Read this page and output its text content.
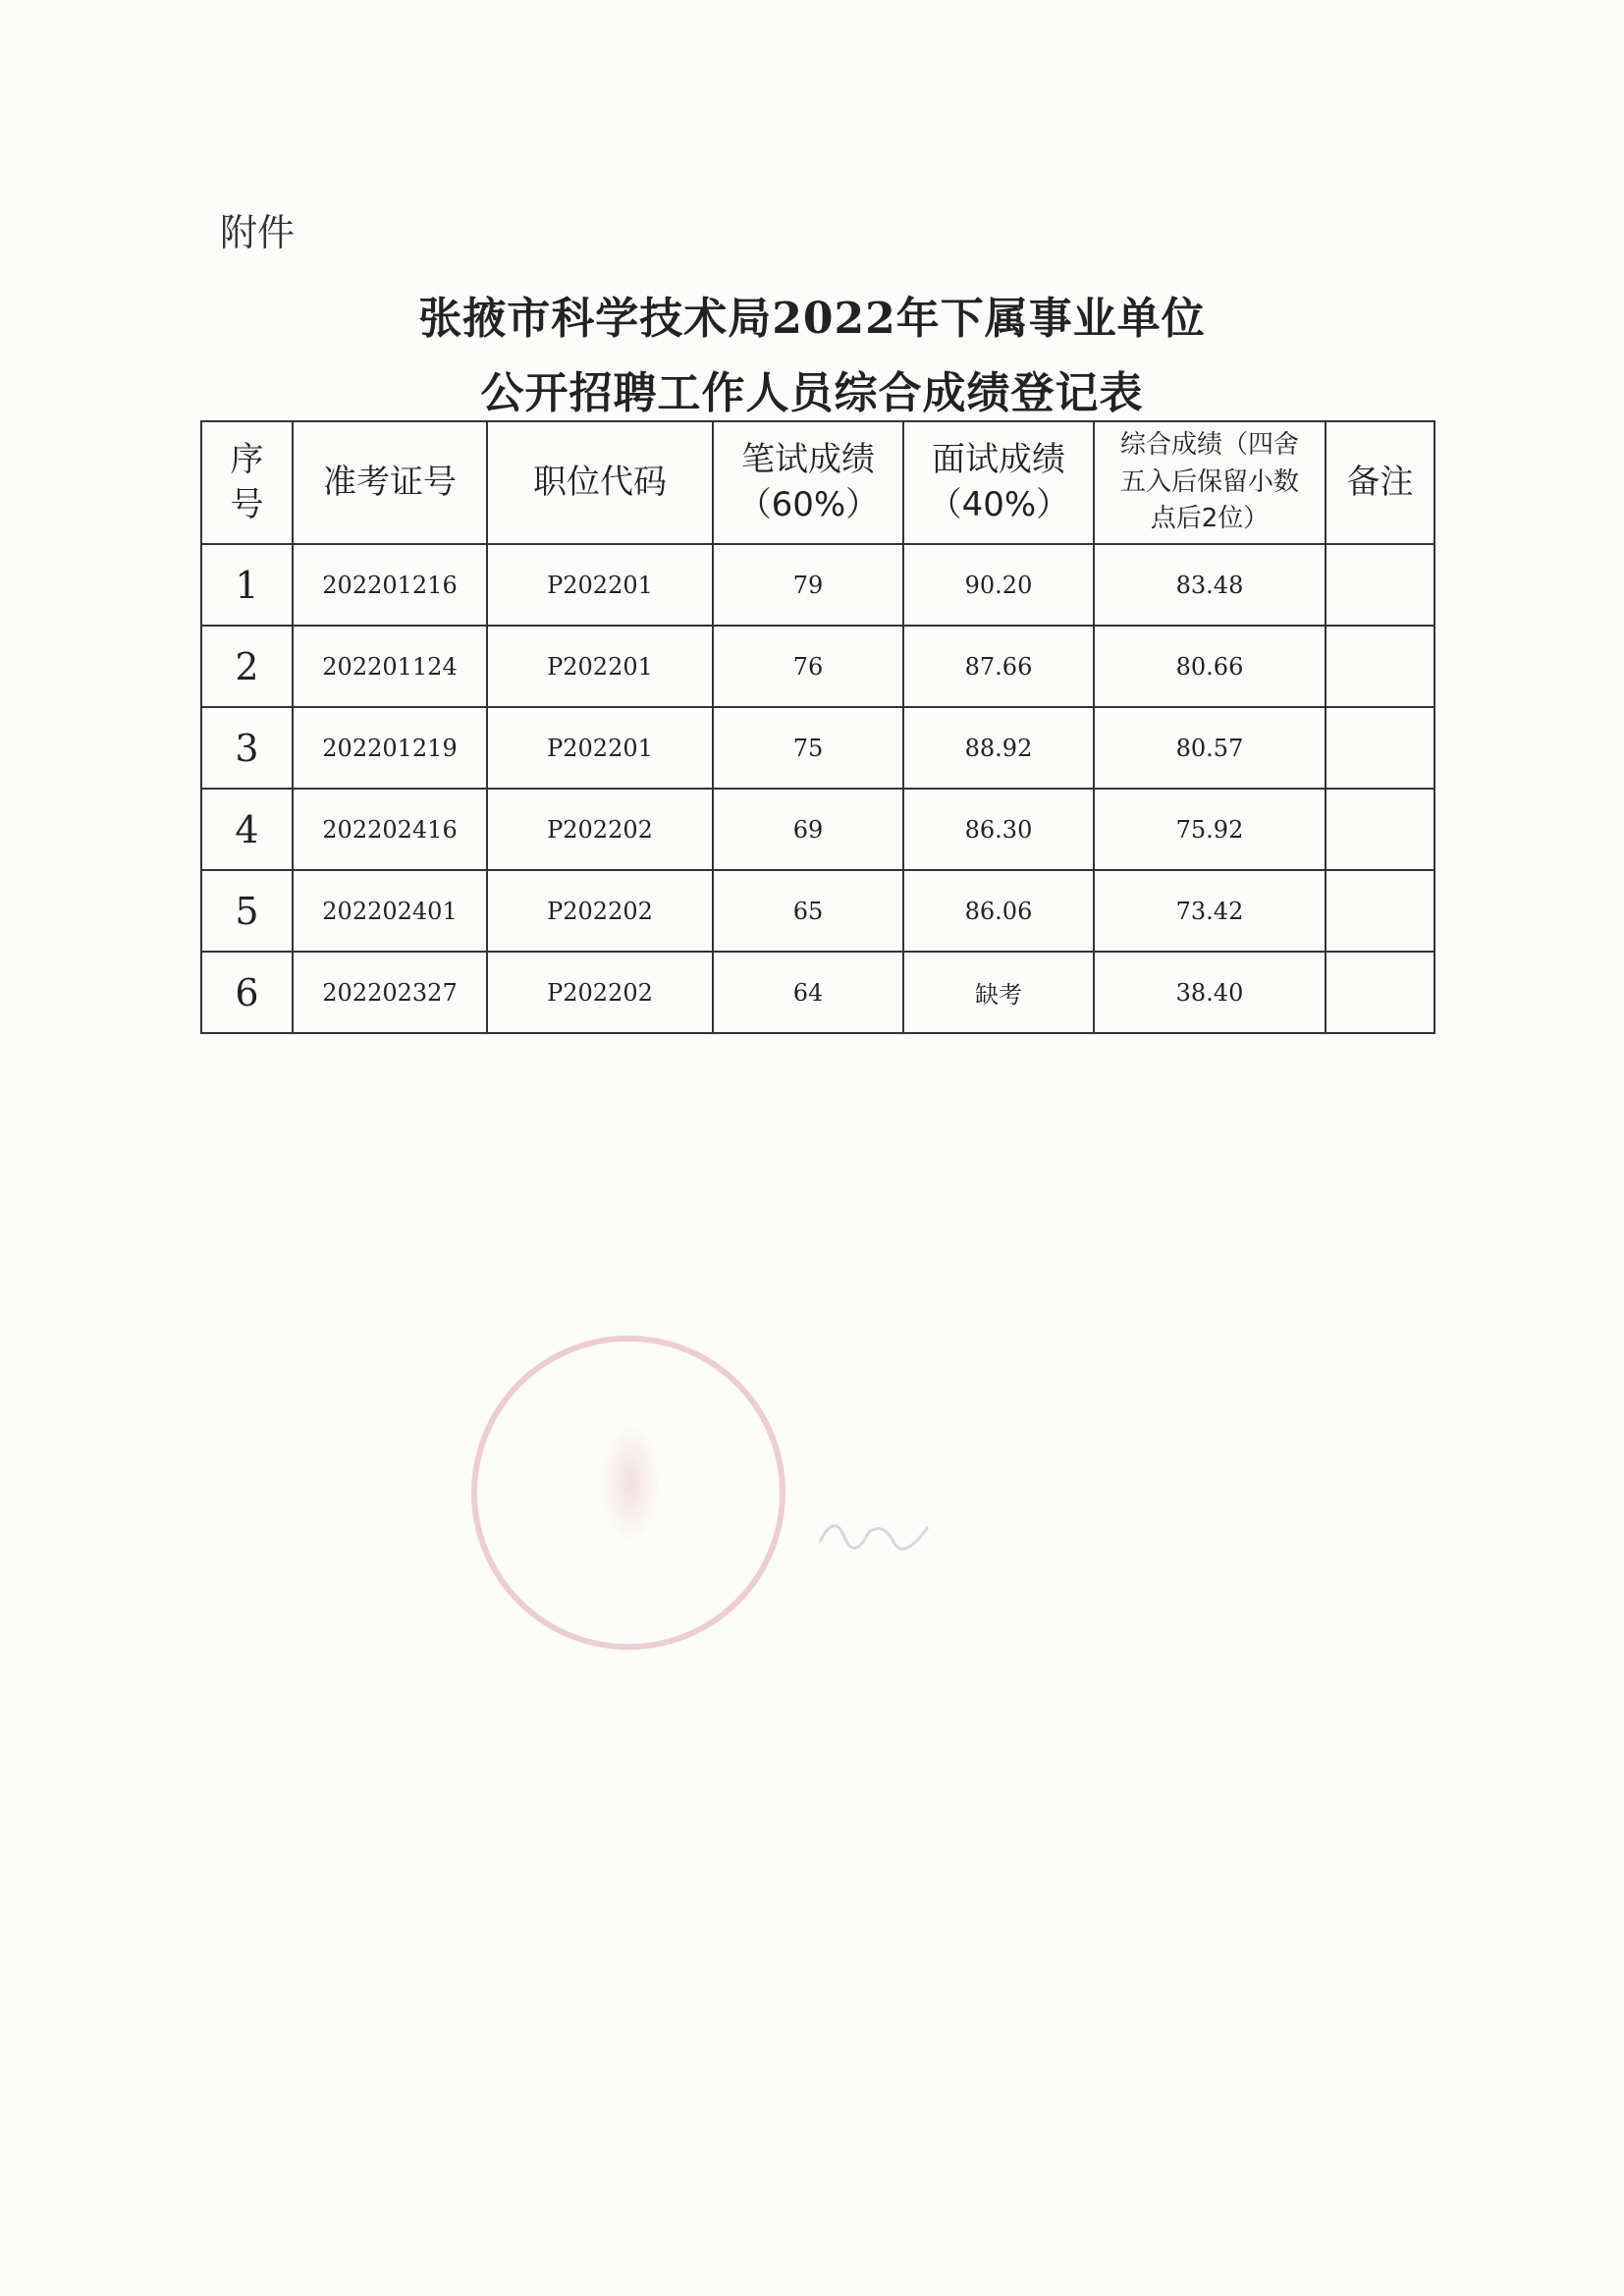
附件
张掖市科学技术局2022年下属事业单位
公开招聘工作人员综合成绩登记表
序号	准考证号	职位代码	笔试成绩（60%）	面试成绩（40%）	综合成绩（四舍五入后保留小数点后2位）	备注
1	202201216	P202201	79	90.20	83.48	
2	202201124	P202201	76	87.66	80.66	
3	202201219	P202201	75	88.92	80.57	
4	202202416	P202202	69	86.30	75.92	
5	202202401	P202202	65	86.06	73.42	
6	202202327	P202202	64	缺考	38.40	
